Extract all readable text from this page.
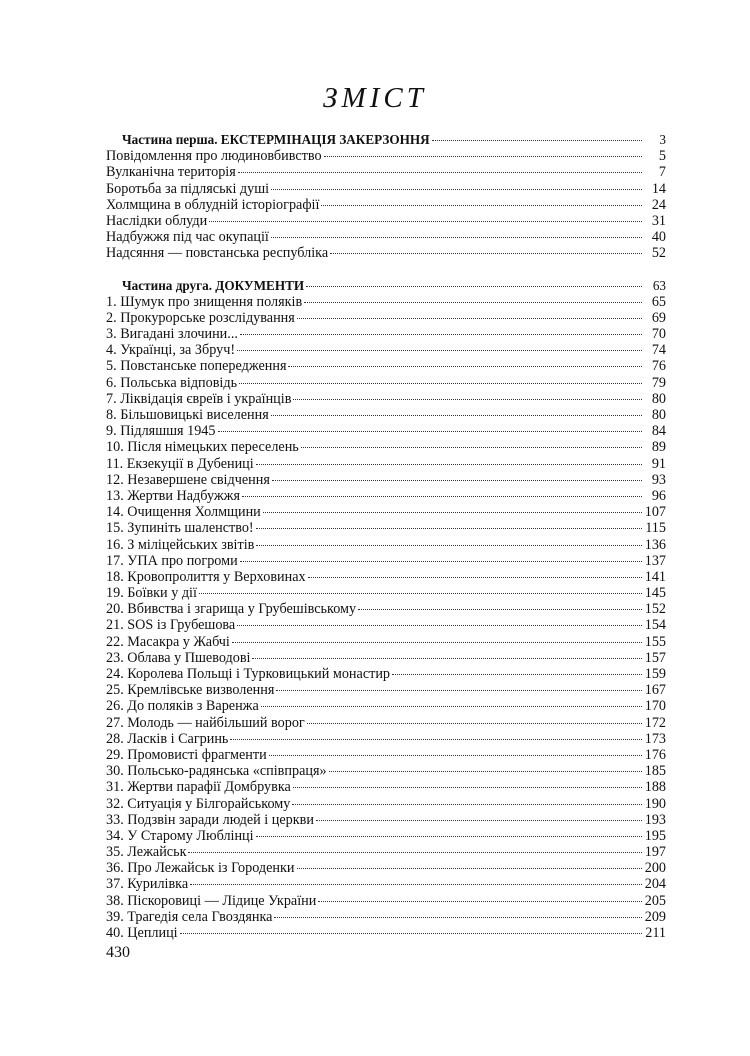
ЗМІСТ
Частина перша. ЕКСТЕРМІНАЦІЯ ЗАКЕРЗОННЯ	3
Повідомлення про людиновбивство	5
Вулканічна територія	7
Боротьба за підляські душі	14
Холмщина в облудній історіографії	24
Наслідки облуди	31
Надбужжя під час окупації	40
Надсяння — повстанська республіка	52
Частина друга. ДОКУМЕНТИ	63
1. Шумук про знищення поляків	65
2. Прокурорське розслідування	69
3. Вигадані злочини...	70
4. Українці, за Збруч!	74
5. Повстанське попередження	76
6. Польська відповідь	79
7. Ліквідація євреїв і українців	80
8. Більшовицькі виселення	80
9. Підляшшя 1945	84
10. Після німецьких переселень	89
11. Екзекуції в Дубениці	91
12. Незавершене свідчення	93
13. Жертви Надбужжя	96
14. Очищення Холмщини	107
15. Зупиніть шаленство!	115
16. З міліцейських звітів	136
17. УПА про погроми	137
18. Кровопролиття у Верховинах	141
19. Боївки у дії	145
20. Вбивства і згарища у Грубешівському	152
21. SOS із Грубешова	154
22. Масакра у Жабчі	155
23. Облава у Пшеводові	157
24. Королева Польщі і Турковицький монастир	159
25. Кремлівське визволення	167
26. До поляків з Варенжа	170
27. Молодь — найбільший ворог	172
28. Ласків і Сагринь	173
29. Промовисті фрагменти	176
30. Польсько-радянська «співпраця»	185
31. Жертви парафії Домбрувка	188
32. Ситуація у Білгорайському	190
33. Подзвін заради людей і церкви	193
34. У Старому Люблінці	195
35. Лежайськ	197
36. Про Лежайськ із Городенки	200
37. Курилівка	204
38. Піскоровиці — Лідице України	205
39. Трагедія села Гвоздянка	209
40. Цеплиці	211
430
